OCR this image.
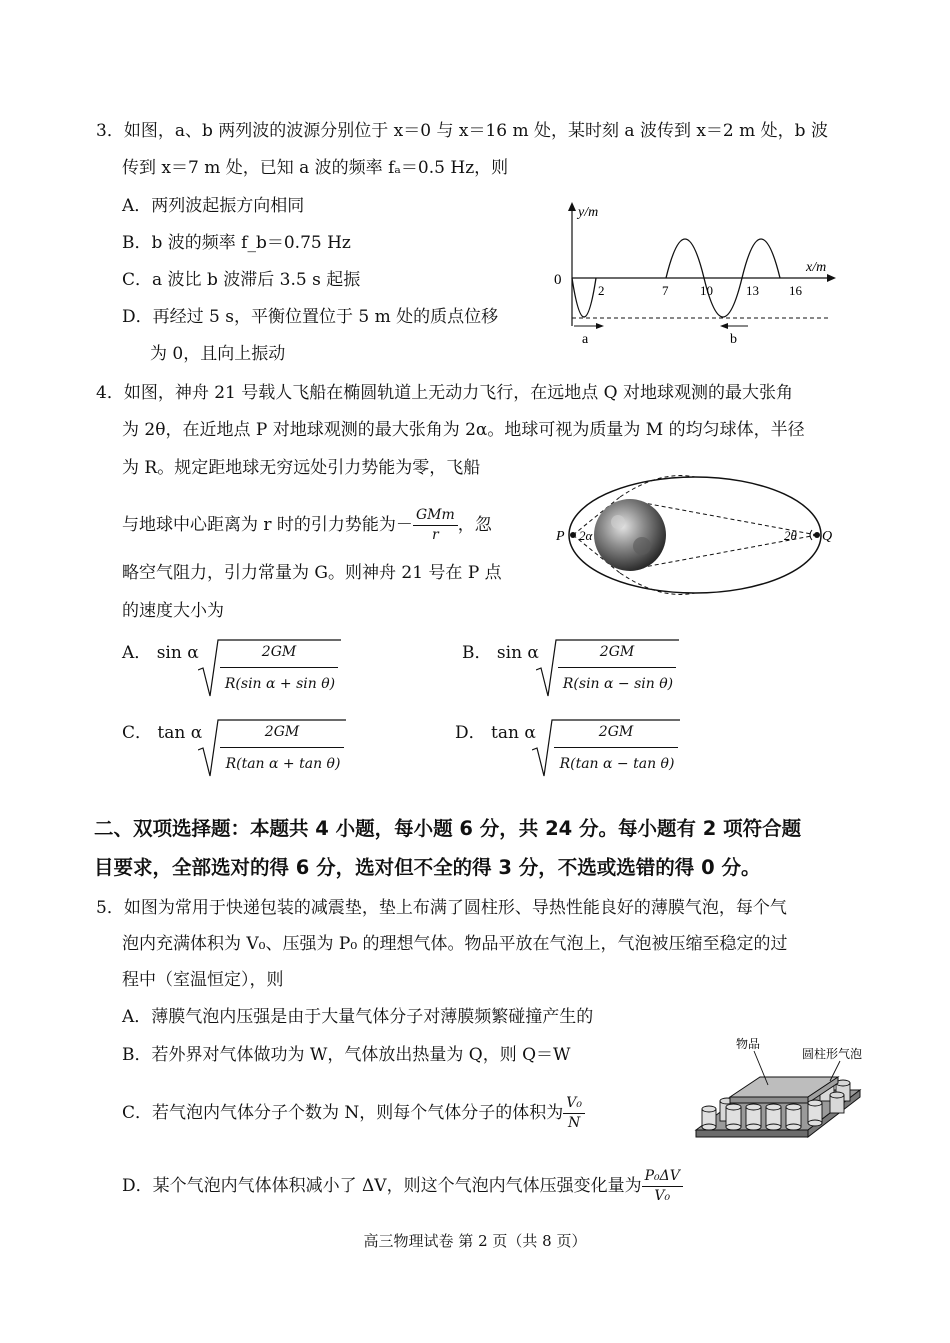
3．如图，a、b 两列波的波源分别位于 x＝0 与 x＝16 m 处，某时刻 a 波传到 x＝2 m 处，b 波
传到 x＝7 m 处，已知 a 波的频率 fₐ＝0.5 Hz，则
A．两列波起振方向相同
B．b 波的频率 f_b＝0.75 Hz
C．a 波比 b 波滞后 3.5 s 起振
D．再经过 5 s，平衡位置位于 5 m 处的质点位移
为 0，且向上振动
y/m
x/m
0
2	7 10	13 16
a	b
4．如图，神舟 21 号载人飞船在椭圆轨道上无动力飞行，在远地点 Q 对地球观测的最大张角
为 2θ，在近地点 P 对地球观测的最大张角为 2α。地球可视为质量为 M 的均匀球体，半径
为 R。规定距地球无穷远处引力势能为零，飞船
与地球中心距离为 r 时的引力势能为－ $\frac{\text{GMm}}{r}$ ，忽
略空气阻力，引力常量为 G。则神舟 21 号在 P 点
的速度大小为
P	Q
2α	2θ
A． sin α	2GM
R(sin α + sin θ)
B． sin α	2GM
R(sin α − sin θ)
C． tan α	2GM
R(tan α + tan θ)
D． tan α	2GM
R(tan α − tan θ)
二、双项选择题：本题共 4 小题，每小题 6 分，共 24 分。每小题有 2 项符合题
目要求，全部选对的得 6 分，选对但不全的得 3 分，不选或选错的得 0 分。
5．如图为常用于快递包装的减震垫，垫上布满了圆柱形、导热性能良好的薄膜气泡，每个气
泡内充满体积为 V₀、压强为 P₀ 的理想气体。物品平放在气泡上，气泡被压缩至稳定的过
程中（室温恒定），则
A．薄膜气泡内压强是由于大量气体分子对薄膜频繁碰撞产生的
B．若外界对气体做功为 W，气体放出热量为 Q，则 Q＝W
C．若气泡内气体分子个数为 N，则每个气体分子的体积为 $\frac{\text{V₀}}{N}$
D．某个气泡内气体体积减小了 ΔV，则这个气泡内气体压强变化量为 $\frac{\text{P₀ΔV}}{\text{V₀}}$
物品
圆柱形气泡
高三物理试卷 第 2 页（共 8 页）
